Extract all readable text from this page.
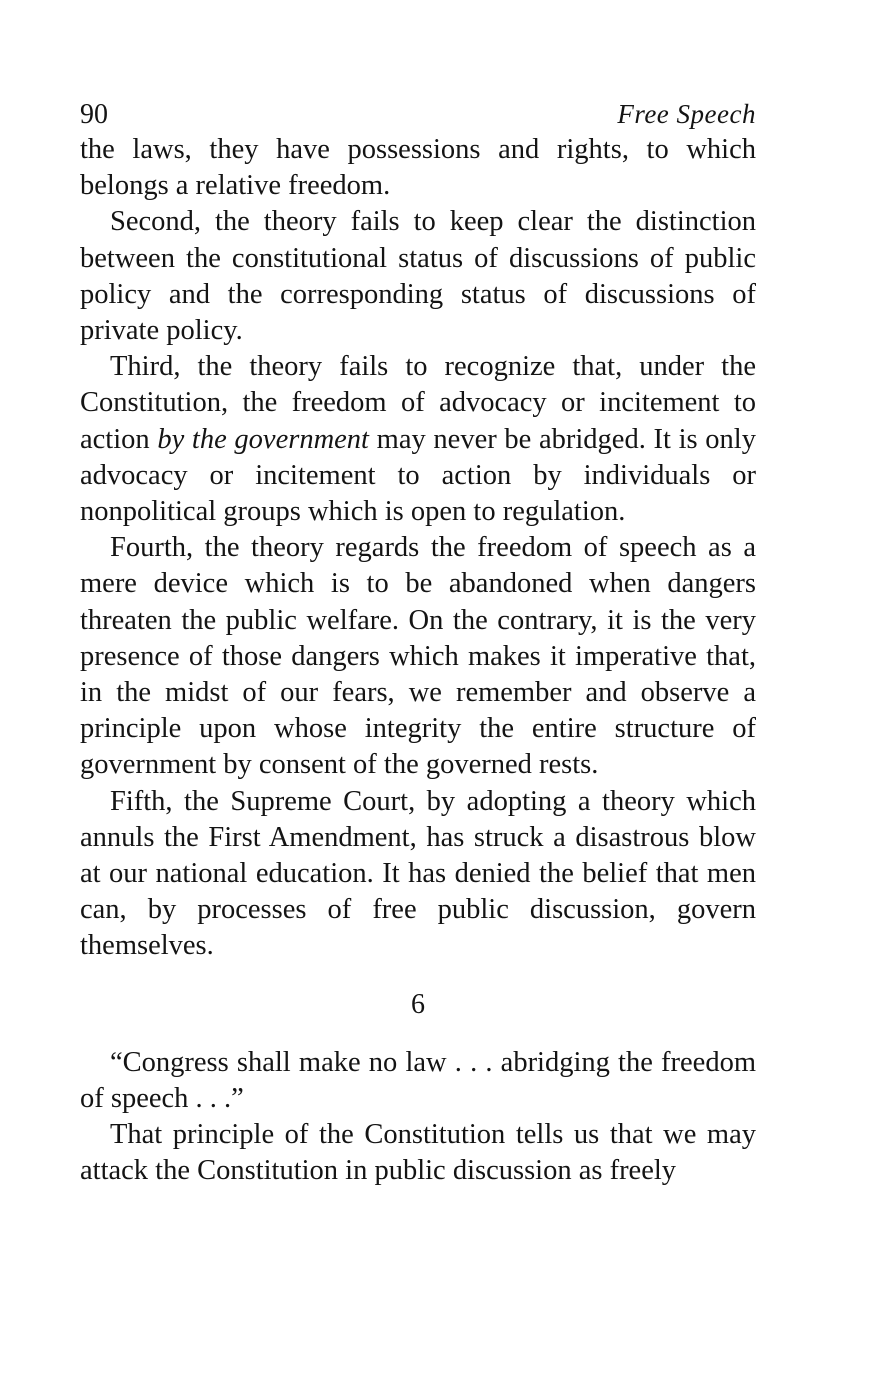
90	Free Speech

the laws, they have possessions and rights, to which belongs a relative freedom.

Second, the theory fails to keep clear the distinction between the constitutional status of discussions of public policy and the corresponding status of discussions of private policy.

Third, the theory fails to recognize that, under the Constitution, the freedom of advocacy or incitement to action by the government may never be abridged. It is only advocacy or incitement to action by individuals or nonpolitical groups which is open to regulation.

Fourth, the theory regards the freedom of speech as a mere device which is to be abandoned when dangers threaten the public welfare. On the contrary, it is the very presence of those dangers which makes it imperative that, in the midst of our fears, we remember and observe a principle upon whose integrity the entire structure of government by consent of the governed rests.

Fifth, the Supreme Court, by adopting a theory which annuls the First Amendment, has struck a disastrous blow at our national education. It has denied the belief that men can, by processes of free public discussion, govern themselves.

6

“Congress shall make no law . . . abridging the freedom of speech . . .”

That principle of the Constitution tells us that we may attack the Constitution in public discussion as freely
